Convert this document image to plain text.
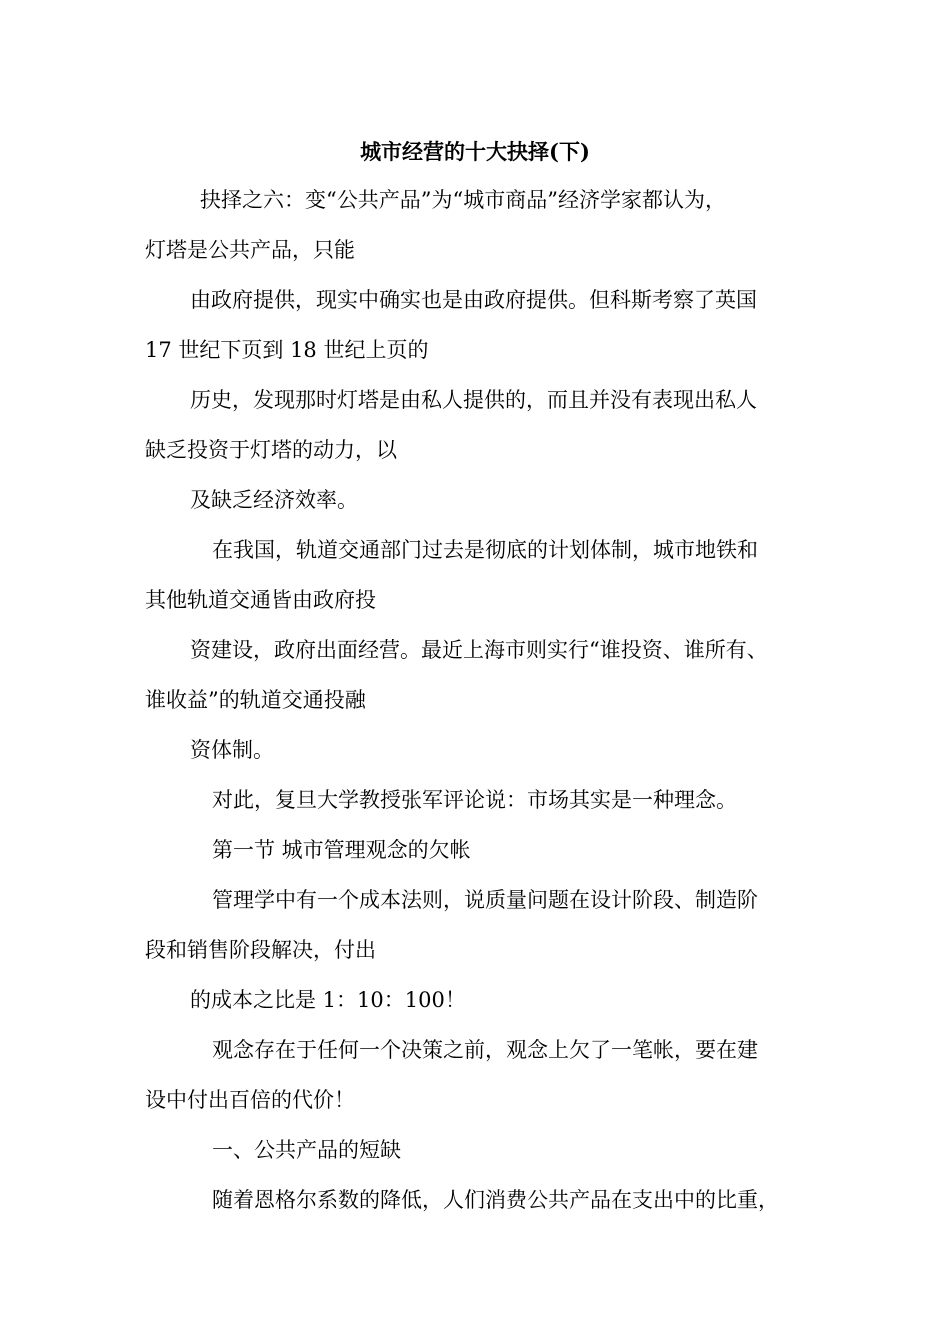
城市经营的十大抉择(下)
抉择之六：变“公共产品”为“城市商品”经济学家都认为，
灯塔是公共产品，只能
由政府提供，现实中确实也是由政府提供。但科斯考察了英国
17 世纪下页到 18 世纪上页的
历史，发现那时灯塔是由私人提供的，而且并没有表现出私人
缺乏投资于灯塔的动力，以
及缺乏经济效率。
在我国，轨道交通部门过去是彻底的计划体制，城市地铁和
其他轨道交通皆由政府投
资建设，政府出面经营。最近上海市则实行“谁投资、谁所有、
谁收益”的轨道交通投融
资体制。
对此，复旦大学教授张军评论说：市场其实是一种理念。
第一节 城市管理观念的欠帐
管理学中有一个成本法则，说质量问题在设计阶段、制造阶
段和销售阶段解决，付出
的成本之比是 1：10：100！
观念存在于任何一个决策之前，观念上欠了一笔帐，要在建
设中付出百倍的代价！
一、公共产品的短缺
随着恩格尔系数的降低，人们消费公共产品在支出中的比重，
